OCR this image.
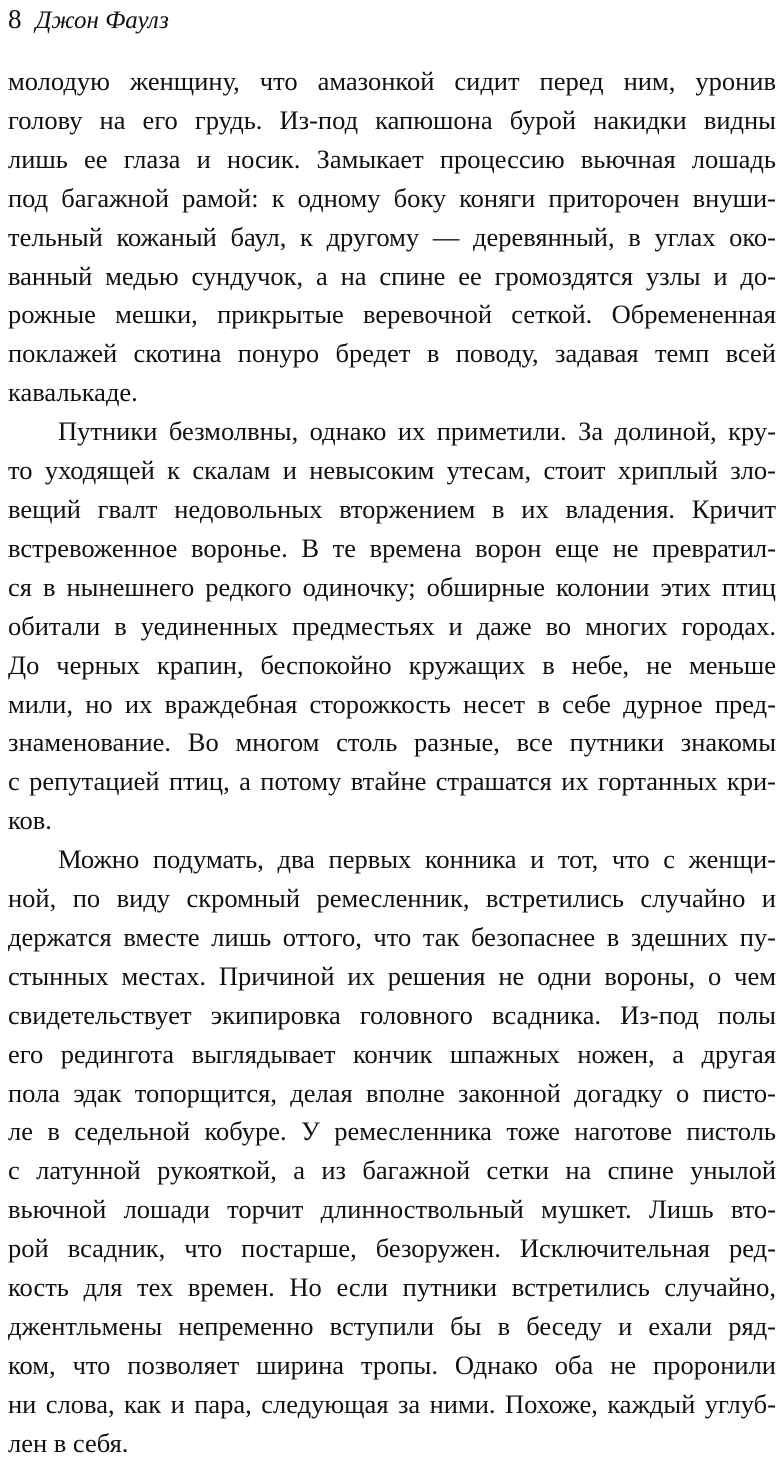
8 Джон Фаулз
молодую женщину, что амазонкой сидит перед ним, уронив
голову на его грудь. Из-под капюшона бурой накидки видны
лишь ее глаза и носик. Замыкает процессию вьючная лошадь
под багажной рамой: к одному боку коняги приторочен внуши-
тельный кожаный баул, к другому — деревянный, в углах око-
ванный медью сундучок, а на спине ее громоздятся узлы и до-
рожные мешки, прикрытые веревочной сеткой. Обремененная
поклажей скотина понуро бредет в поводу, задавая темп всей
кавалькаде.
Путники безмолвны, однако их приметили. За долиной, кру-
то уходящей к скалам и невысоким утесам, стоит хриплый зло-
вещий гвалт недовольных вторжением в их владения. Кричит
встревоженное воронье. В те времена ворон еще не превратил-
ся в нынешнего редкого одиночку; обширные колонии этих птиц
обитали в уединенных предместьях и даже во многих городах.
До черных крапин, беспокойно кружащих в небе, не меньше
мили, но их враждебная сторожкость несет в себе дурное пред-
знаменование. Во многом столь разные, все путники знакомы
с репутацией птиц, а потому втайне страшатся их гортанных кри-
ков.
Можно подумать, два первых конника и тот, что с женщи-
ной, по виду скромный ремесленник, встретились случайно и
держатся вместе лишь оттого, что так безопаснее в здешних пу-
стынных местах. Причиной их решения не одни вороны, о чем
свидетельствует экипировка головного всадника. Из-под полы
его редингота выглядывает кончик шпажных ножен, а другая
пола эдак топорщится, делая вполне законной догадку о писто-
ле в седельной кобуре. У ремесленника тоже наготове пистоль
с латунной рукояткой, а из багажной сетки на спине унылой
вьючной лошади торчит длинноствольный мушкет. Лишь вто-
рой всадник, что постарше, безоружен. Исключительная ред-
кость для тех времен. Но если путники встретились случайно,
джентльмены непременно вступили бы в беседу и ехали ряд-
ком, что позволяет ширина тропы. Однако оба не проронили
ни слова, как и пара, следующая за ними. Похоже, каждый углуб-
лен в себя.
